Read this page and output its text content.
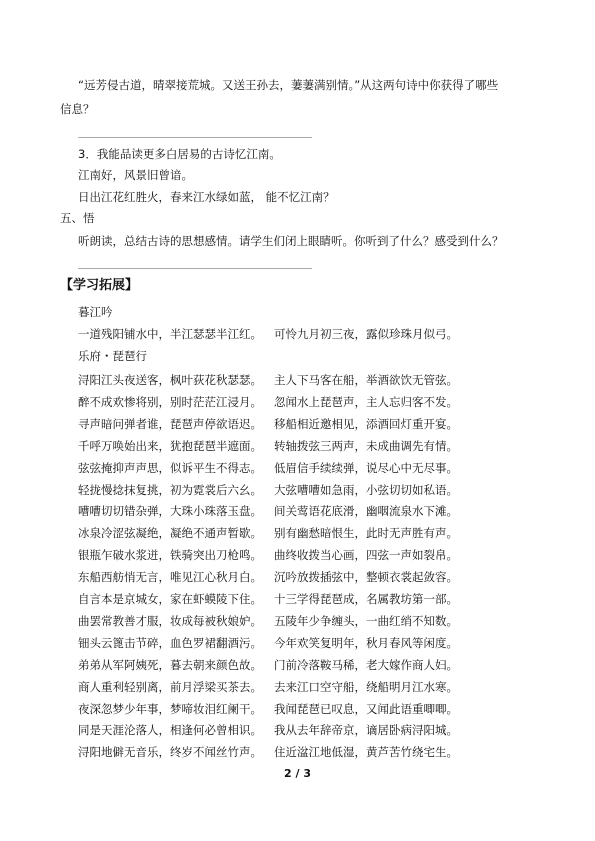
“远芳侵古道，晴翠接荒城。又送王孙去，萋萋满别情。”从这两句诗中你获得了哪些
信息？
3．我能品读更多白居易的古诗忆江南。
江南好，风景旧曾谙。
日出江花红胜火，春来江水绿如蓝， 能不忆江南？
五、悟
听朗读，总结古诗的思想感情。请学生们闭上眼睛听。你听到了什么？感受到什么？
【学习拓展】
暮江吟
一道残阳铺水中，半江瑟瑟半江红。 可怜九月初三夜，露似珍珠月似弓。
乐府・琵琶行
浔阳江头夜送客，枫叶荻花秋瑟瑟。 主人下马客在船，举酒欲饮无管弦。
醉不成欢惨将别，别时茫茫江浸月。 忽闻水上琵琶声，主人忘归客不发。
寻声暗问弹者谁，琵琶声停欲语迟。 移船相近邀相见，添酒回灯重开宴。
千呼万唤始出来，犹抱琵琶半遮面。 转轴拨弦三两声，未成曲调先有情。
弦弦掩抑声声思，似诉平生不得志。 低眉信手续续弹，说尽心中无尽事。
轻拢慢捻抹复挑，初为霓裳后六幺。 大弦嘈嘈如急雨，小弦切切如私语。
嘈嘈切切错杂弹，大珠小珠落玉盘。 间关莺语花底滑，幽咽流泉水下滩。
冰泉冷涩弦凝绝，凝绝不通声暂歇。 别有幽愁暗恨生，此时无声胜有声。
银瓶乍破水浆迸，铁骑突出刀枪鸣。 曲终收拨当心画，四弦一声如裂帛。
东船西舫悄无言，唯见江心秋月白。 沉吟放拨插弦中，整顿衣裳起敛容。
自言本是京城女，家在虾蟆陵下住。 十三学得琵琶成，名属教坊第一部。
曲罢常教善才服，妆成每被秋娘妒。 五陵年少争缠头，一曲红绡不知数。
钿头云篦击节碎，血色罗裙翻酒污。 今年欢笑复明年，秋月春风等闲度。
弟弟从军阿姨死，暮去朝来颜色故。 门前冷落鞍马稀，老大嫁作商人妇。
商人重利轻别离，前月浮梁买茶去。 去来江口空守船，绕船明月江水寒。
夜深忽梦少年事，梦啼妆泪红阑干。 我闻琵琶已叹息，又闻此语重唧唧。
同是天涯沦落人，相逢何必曾相识。 我从去年辞帝京，谪居卧病浔阳城。
浔阳地僻无音乐，终岁不闻丝竹声。 住近湓江地低湿，黄芦苦竹绕宅生。
2 / 3
